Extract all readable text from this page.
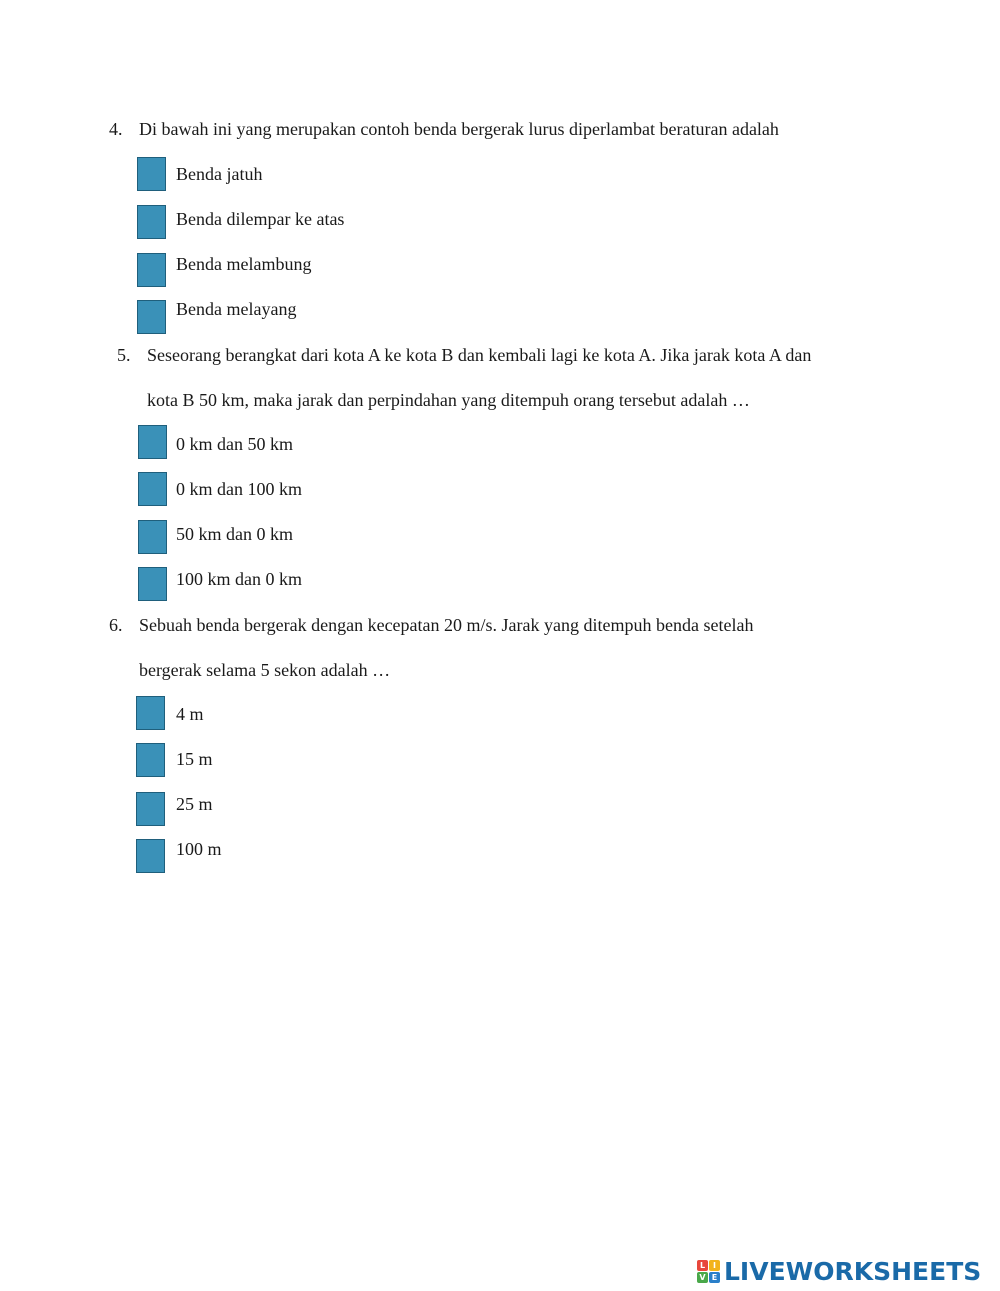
4. Di bawah ini yang merupakan contoh benda bergerak lurus diperlambat beraturan adalah
Benda jatuh
Benda dilempar ke atas
Benda melambung
Benda melayang
5. Seseorang berangkat dari kota A ke kota B dan kembali lagi ke kota A. Jika jarak kota A dan
kota B 50 km, maka jarak dan perpindahan yang ditempuh orang tersebut adalah …
0 km dan 50 km
0 km dan 100 km
50 km dan 0 km
100 km dan 0 km
6. Sebuah benda bergerak dengan kecepatan 20 m/s. Jarak yang ditempuh benda setelah
bergerak selama 5 sekon adalah …
4 m
15 m
25 m
100 m
L I
V E LIVEWORKSHEETS
